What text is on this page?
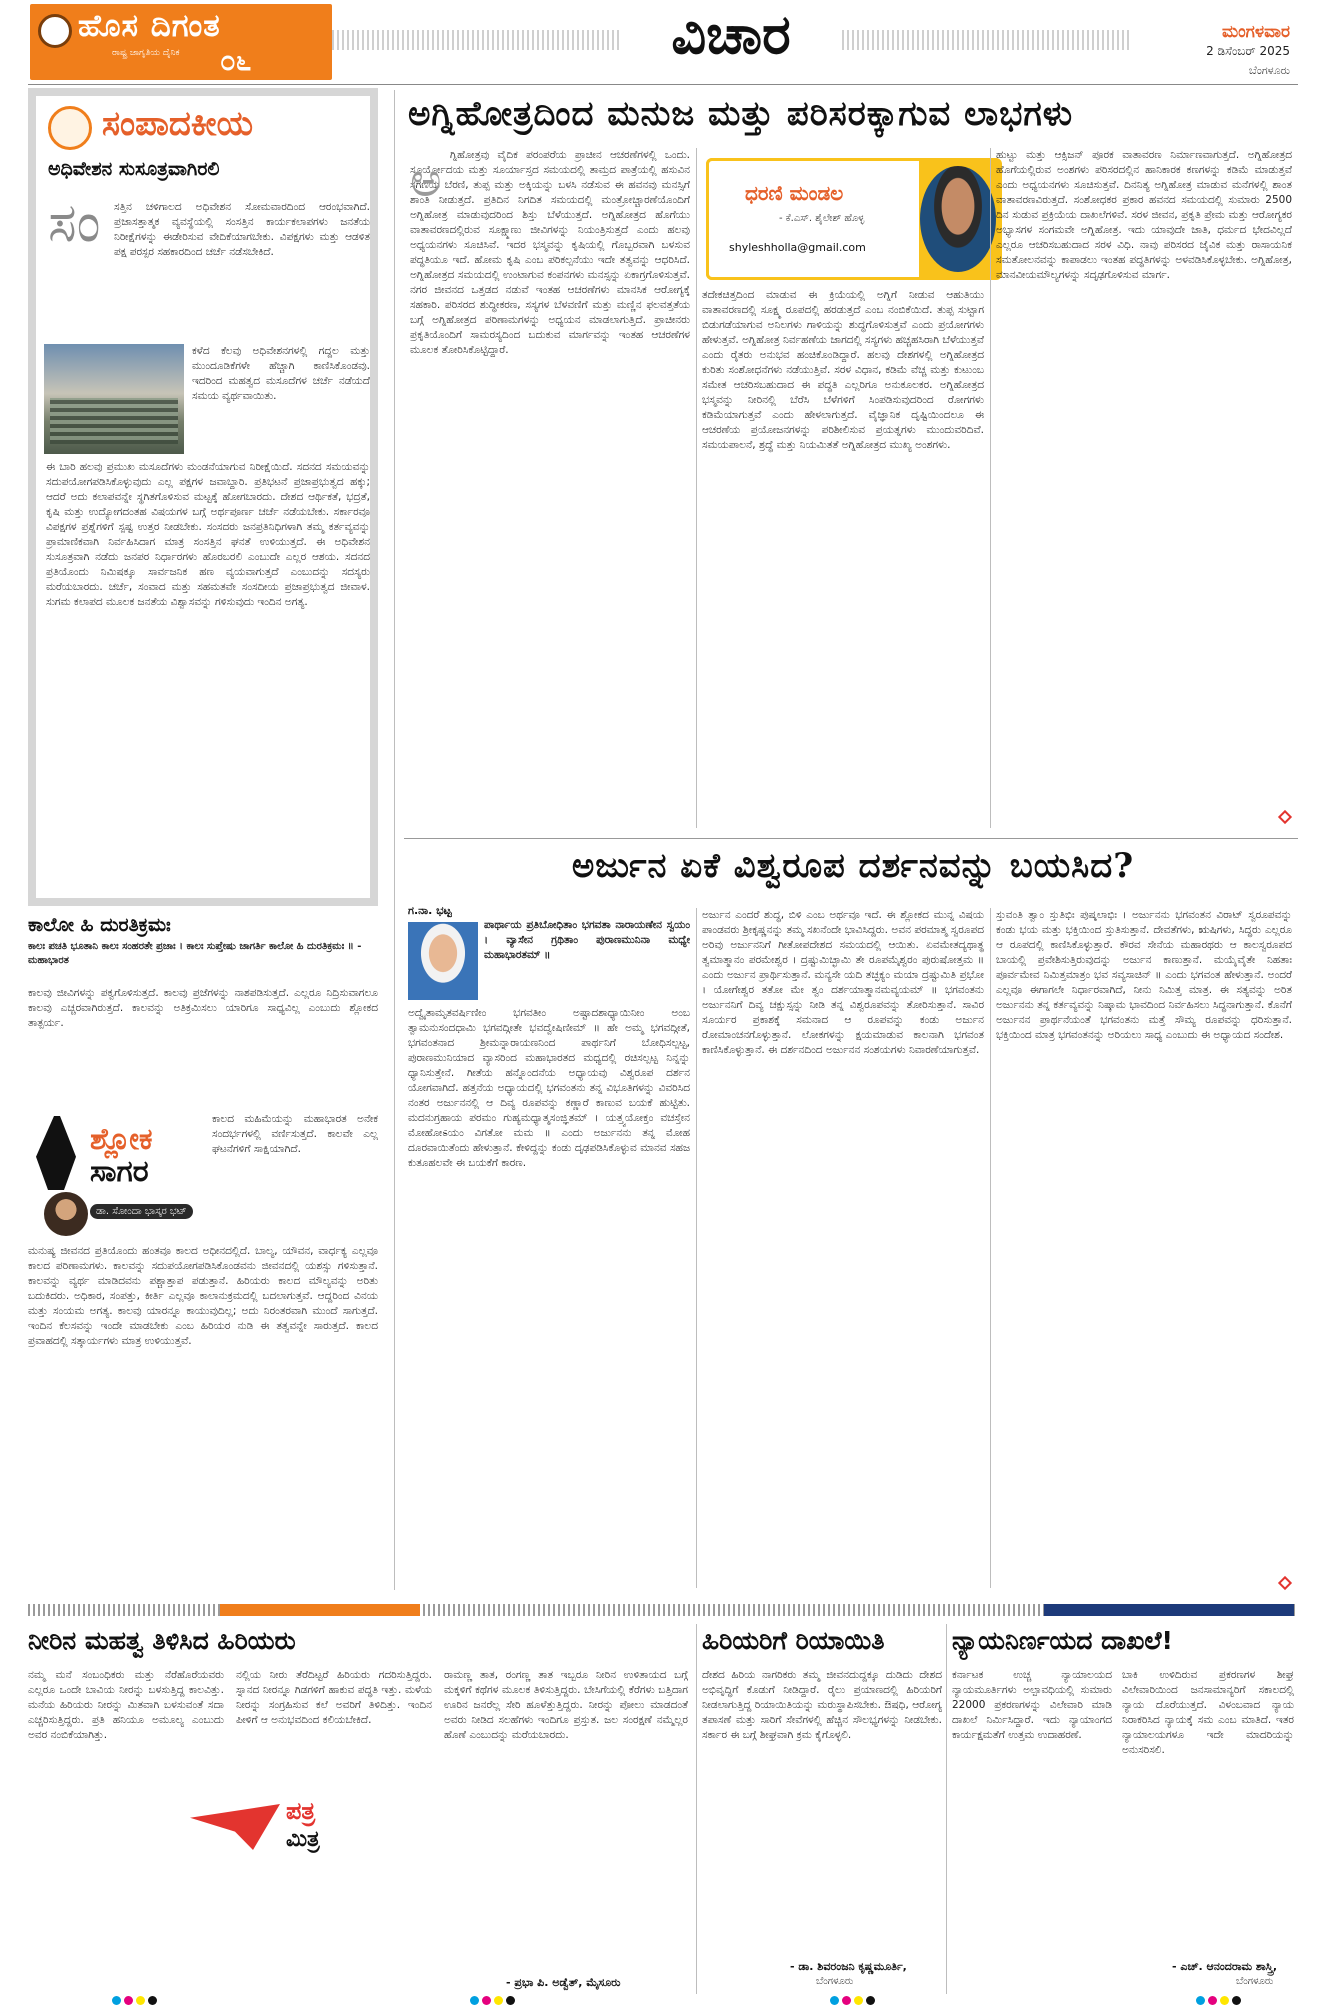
ಹೊಸ ದಿಗಂತ
ರಾಷ್ಟ್ರ ಜಾಗೃತಿಯ ದೈನಿಕ ೦೬	ವಿಚಾರ	ಮಂಗಳವಾರ
2 ಡಿಸೆಂಬರ್ 2025
ಬೆಂಗಳೂರು
ಸಂಪಾದಕೀಯ
ಅಧಿವೇಶನ ಸುಸೂತ್ರವಾಗಿರಲಿ
ಸಂ ಸತ್ತಿನ ಚಳಿಗಾಲದ ಅಧಿವೇಶನ ಸೋಮವಾರದಿಂದ ಆರಂಭವಾಗಿದೆ. ಪ್ರಜಾಸತ್ತಾತ್ಮಕ ವ್ಯವಸ್ಥೆಯಲ್ಲಿ ಸಂಸತ್ತಿನ ಕಾರ್ಯಕಲಾಪಗಳು ಜನತೆಯ ನಿರೀಕ್ಷೆಗಳನ್ನು ಈಡೇರಿಸುವ ವೇದಿಕೆಯಾಗಬೇಕು. ವಿಪಕ್ಷಗಳು ಮತ್ತು ಆಡಳಿತ ಪಕ್ಷ ಪರಸ್ಪರ ಸಹಕಾರದಿಂದ ಚರ್ಚೆ ನಡೆಸಬೇಕಿದೆ.
ಕಳೆದ ಕೆಲವು ಅಧಿವೇಶನಗಳಲ್ಲಿ ಗದ್ದಲ ಮತ್ತು ಮುಂದೂಡಿಕೆಗಳೇ ಹೆಚ್ಚಾಗಿ ಕಾಣಿಸಿಕೊಂಡವು. ಇದರಿಂದ ಮಹತ್ವದ ಮಸೂದೆಗಳ ಚರ್ಚೆ ನಡೆಯದೆ ಸಮಯ ವ್ಯರ್ಥವಾಯಿತು.
ಈ ಬಾರಿ ಹಲವು ಪ್ರಮುಖ ಮಸೂದೆಗಳು ಮಂಡನೆಯಾಗುವ ನಿರೀಕ್ಷೆಯಿದೆ. ಸದನದ ಸಮಯವನ್ನು ಸದುಪಯೋಗಪಡಿಸಿಕೊಳ್ಳುವುದು ಎಲ್ಲ ಪಕ್ಷಗಳ ಜವಾಬ್ದಾರಿ. ಪ್ರತಿಭಟನೆ ಪ್ರಜಾಪ್ರಭುತ್ವದ ಹಕ್ಕು; ಆದರೆ ಅದು ಕಲಾಪವನ್ನೇ ಸ್ಥಗಿತಗೊಳಿಸುವ ಮಟ್ಟಕ್ಕೆ ಹೋಗಬಾರದು. ದೇಶದ ಆರ್ಥಿಕತೆ, ಭದ್ರತೆ, ಕೃಷಿ ಮತ್ತು ಉದ್ಯೋಗದಂತಹ ವಿಷಯಗಳ ಬಗ್ಗೆ ಅರ್ಥಪೂರ್ಣ ಚರ್ಚೆ ನಡೆಯಬೇಕು. ಸರ್ಕಾರವೂ ವಿಪಕ್ಷಗಳ ಪ್ರಶ್ನೆಗಳಿಗೆ ಸ್ಪಷ್ಟ ಉತ್ತರ ನೀಡಬೇಕು. ಸಂಸದರು ಜನಪ್ರತಿನಿಧಿಗಳಾಗಿ ತಮ್ಮ ಕರ್ತವ್ಯವನ್ನು ಪ್ರಾಮಾಣಿಕವಾಗಿ ನಿರ್ವಹಿಸಿದಾಗ ಮಾತ್ರ ಸಂಸತ್ತಿನ ಘನತೆ ಉಳಿಯುತ್ತದೆ. ಈ ಅಧಿವೇಶನ ಸುಸೂತ್ರವಾಗಿ ನಡೆದು ಜನಪರ ನಿರ್ಧಾರಗಳು ಹೊರಬರಲಿ ಎಂಬುದೇ ಎಲ್ಲರ ಆಶಯ. ಸದನದ ಪ್ರತಿಯೊಂದು ನಿಮಿಷಕ್ಕೂ ಸಾರ್ವಜನಿಕ ಹಣ ವ್ಯಯವಾಗುತ್ತದೆ ಎಂಬುದನ್ನು ಸದಸ್ಯರು ಮರೆಯಬಾರದು. ಚರ್ಚೆ, ಸಂವಾದ ಮತ್ತು ಸಹಮತವೇ ಸಂಸದೀಯ ಪ್ರಜಾಪ್ರಭುತ್ವದ ಜೀವಾಳ. ಸುಗಮ ಕಲಾಪದ ಮೂಲಕ ಜನತೆಯ ವಿಶ್ವಾಸವನ್ನು ಗಳಿಸುವುದು ಇಂದಿನ ಅಗತ್ಯ.
ಕಾಲೋ ಹಿ ದುರತಿಕ್ರಮಃ
ಕಾಲಃ ಪಚತಿ ಭೂತಾನಿ ಕಾಲಃ ಸಂಹರತೇ ಪ್ರಜಾಃ । ಕಾಲಃ ಸುಪ್ತೇಷು ಜಾಗರ್ತಿ ಕಾಲೋ ಹಿ ದುರತಿಕ್ರಮಃ ॥ - ಮಹಾಭಾರತ
ಕಾಲವು ಜೀವಿಗಳನ್ನು ಪಕ್ವಗೊಳಿಸುತ್ತದೆ. ಕಾಲವು ಪ್ರಜೆಗಳನ್ನು ನಾಶಪಡಿಸುತ್ತದೆ. ಎಲ್ಲರೂ ನಿದ್ರಿಸುವಾಗಲೂ ಕಾಲವು ಎಚ್ಚರವಾಗಿರುತ್ತದೆ. ಕಾಲವನ್ನು ಅತಿಕ್ರಮಿಸಲು ಯಾರಿಗೂ ಸಾಧ್ಯವಿಲ್ಲ ಎಂಬುದು ಶ್ಲೋಕದ ತಾತ್ಪರ್ಯ.
ಶ್ಲೋಕ
ಸಾಗರ
ಡಾ. ಸೋಂದಾ ಭಾಸ್ಕರ ಭಟ್
ಕಾಲದ ಮಹಿಮೆಯನ್ನು ಮಹಾಭಾರತ ಅನೇಕ ಸಂದರ್ಭಗಳಲ್ಲಿ ವರ್ಣಿಸುತ್ತದೆ. ಕಾಲವೇ ಎಲ್ಲ ಘಟನೆಗಳಿಗೆ ಸಾಕ್ಷಿಯಾಗಿದೆ.
ಮನುಷ್ಯ ಜೀವನದ ಪ್ರತಿಯೊಂದು ಹಂತವೂ ಕಾಲದ ಅಧೀನದಲ್ಲಿದೆ. ಬಾಲ್ಯ, ಯೌವನ, ವಾರ್ಧಕ್ಯ ಎಲ್ಲವೂ ಕಾಲದ ಪರಿಣಾಮಗಳು. ಕಾಲವನ್ನು ಸದುಪಯೋಗಪಡಿಸಿಕೊಂಡವನು ಜೀವನದಲ್ಲಿ ಯಶಸ್ಸು ಗಳಿಸುತ್ತಾನೆ. ಕಾಲವನ್ನು ವ್ಯರ್ಥ ಮಾಡಿದವನು ಪಶ್ಚಾತ್ತಾಪ ಪಡುತ್ತಾನೆ. ಹಿರಿಯರು ಕಾಲದ ಮೌಲ್ಯವನ್ನು ಅರಿತು ಬದುಕಿದರು. ಅಧಿಕಾರ, ಸಂಪತ್ತು, ಕೀರ್ತಿ ಎಲ್ಲವೂ ಕಾಲಾನುಕ್ರಮದಲ್ಲಿ ಬದಲಾಗುತ್ತವೆ. ಆದ್ದರಿಂದ ವಿನಯ ಮತ್ತು ಸಂಯಮ ಅಗತ್ಯ. ಕಾಲವು ಯಾರನ್ನೂ ಕಾಯುವುದಿಲ್ಲ; ಅದು ನಿರಂತರವಾಗಿ ಮುಂದೆ ಸಾಗುತ್ತದೆ. ಇಂದಿನ ಕೆಲಸವನ್ನು ಇಂದೇ ಮಾಡಬೇಕು ಎಂಬ ಹಿರಿಯರ ನುಡಿ ಈ ತತ್ವವನ್ನೇ ಸಾರುತ್ತದೆ. ಕಾಲದ ಪ್ರವಾಹದಲ್ಲಿ ಸತ್ಕಾರ್ಯಗಳು ಮಾತ್ರ ಉಳಿಯುತ್ತವೆ.
ಅಗ್ನಿಹೋತ್ರದಿಂದ ಮನುಜ ಮತ್ತು ಪರಿಸರಕ್ಕಾಗುವ ಲಾಭಗಳು
ಗ್ನಿಹೋತ್ರವು ವೈದಿಕ ಪರಂಪರೆಯ ಪ್ರಾಚೀನ ಆಚರಣೆಗಳಲ್ಲಿ ಒಂದು. ಸೂರ್ಯೋದಯ ಮತ್ತು ಸೂರ್ಯಾಸ್ತದ ಸಮಯದಲ್ಲಿ ತಾಮ್ರದ ಪಾತ್ರೆಯಲ್ಲಿ ಹಸುವಿನ ಸಗಣಿಯ ಬೆರಣಿ, ತುಪ್ಪ ಮತ್ತು ಅಕ್ಕಿಯನ್ನು ಬಳಸಿ ನಡೆಸುವ ಈ ಹವನವು ಮನಸ್ಸಿಗೆ ಶಾಂತಿ ನೀಡುತ್ತದೆ. ಪ್ರತಿದಿನ ನಿಗದಿತ ಸಮಯದಲ್ಲಿ ಮಂತ್ರೋಚ್ಚಾರಣೆಯೊಂದಿಗೆ ಅಗ್ನಿಹೋತ್ರ ಮಾಡುವುದರಿಂದ ಶಿಸ್ತು ಬೆಳೆಯುತ್ತದೆ. ಅಗ್ನಿಹೋತ್ರದ ಹೊಗೆಯು ವಾತಾವರಣದಲ್ಲಿರುವ ಸೂಕ್ಷ್ಮಾಣು ಜೀವಿಗಳನ್ನು ನಿಯಂತ್ರಿಸುತ್ತದೆ ಎಂದು ಹಲವು ಅಧ್ಯಯನಗಳು ಸೂಚಿಸಿವೆ. ಇದರ ಭಸ್ಮವನ್ನು ಕೃಷಿಯಲ್ಲಿ ಗೊಬ್ಬರವಾಗಿ ಬಳಸುವ ಪದ್ಧತಿಯೂ ಇದೆ. ಹೋಮ ಕೃಷಿ ಎಂಬ ಪರಿಕಲ್ಪನೆಯು ಇದೇ ತತ್ವವನ್ನು ಆಧರಿಸಿದೆ. ಅಗ್ನಿಹೋತ್ರದ ಸಮಯದಲ್ಲಿ ಉಂಟಾಗುವ ಕಂಪನಗಳು ಮನಸ್ಸನ್ನು ಏಕಾಗ್ರಗೊಳಿಸುತ್ತವೆ. ನಗರ ಜೀವನದ ಒತ್ತಡದ ನಡುವೆ ಇಂತಹ ಆಚರಣೆಗಳು ಮಾನಸಿಕ ಆರೋಗ್ಯಕ್ಕೆ ಸಹಕಾರಿ. ಪರಿಸರದ ಶುದ್ಧೀಕರಣ, ಸಸ್ಯಗಳ ಬೆಳವಣಿಗೆ ಮತ್ತು ಮಣ್ಣಿನ ಫಲವತ್ತತೆಯ ಬಗ್ಗೆ ಅಗ್ನಿಹೋತ್ರದ ಪರಿಣಾಮಗಳನ್ನು ಅಧ್ಯಯನ ಮಾಡಲಾಗುತ್ತಿದೆ. ಪ್ರಾಚೀನರು ಪ್ರಕೃತಿಯೊಂದಿಗೆ ಸಾಮರಸ್ಯದಿಂದ ಬದುಕುವ ಮಾರ್ಗವನ್ನು ಇಂತಹ ಆಚರಣೆಗಳ ಮೂಲಕ ತೋರಿಸಿಕೊಟ್ಟಿದ್ದಾರೆ.
ಅ	ಧರಣಿ ಮಂಡಲ
- ಕೆ.ಎಸ್. ಶೈಲೇಶ್ ಹೊಳ್ಳ
shyleshholla@gmail.com
ತದೇಕಚಿತ್ತದಿಂದ ಮಾಡುವ ಈ ಕ್ರಿಯೆಯಲ್ಲಿ ಅಗ್ನಿಗೆ ನೀಡುವ ಆಹುತಿಯು ವಾತಾವರಣದಲ್ಲಿ ಸೂಕ್ಷ್ಮ ರೂಪದಲ್ಲಿ ಹರಡುತ್ತದೆ ಎಂಬ ನಂಬಿಕೆಯಿದೆ. ತುಪ್ಪ ಸುಟ್ಟಾಗ ಬಿಡುಗಡೆಯಾಗುವ ಅನಿಲಗಳು ಗಾಳಿಯನ್ನು ಶುದ್ಧಗೊಳಿಸುತ್ತವೆ ಎಂದು ಪ್ರಯೋಗಗಳು ಹೇಳುತ್ತವೆ. ಅಗ್ನಿಹೋತ್ರ ನಿರ್ವಹಣೆಯ ಜಾಗದಲ್ಲಿ ಸಸ್ಯಗಳು ಹಚ್ಚಹಸಿರಾಗಿ ಬೆಳೆಯುತ್ತವೆ ಎಂದು ರೈತರು ಅನುಭವ ಹಂಚಿಕೊಂಡಿದ್ದಾರೆ. ಹಲವು ದೇಶಗಳಲ್ಲಿ ಅಗ್ನಿಹೋತ್ರದ ಕುರಿತು ಸಂಶೋಧನೆಗಳು ನಡೆಯುತ್ತಿವೆ. ಸರಳ ವಿಧಾನ, ಕಡಿಮೆ ವೆಚ್ಚ ಮತ್ತು ಕುಟುಂಬ ಸಮೇತ ಆಚರಿಸಬಹುದಾದ ಈ ಪದ್ಧತಿ ಎಲ್ಲರಿಗೂ ಅನುಕೂಲಕರ. ಅಗ್ನಿಹೋತ್ರದ ಭಸ್ಮವನ್ನು ನೀರಿನಲ್ಲಿ ಬೆರೆಸಿ ಬೆಳೆಗಳಿಗೆ ಸಿಂಪಡಿಸುವುದರಿಂದ ರೋಗಗಳು ಕಡಿಮೆಯಾಗುತ್ತವೆ ಎಂದು ಹೇಳಲಾಗುತ್ತದೆ. ವೈಜ್ಞಾನಿಕ ದೃಷ್ಟಿಯಿಂದಲೂ ಈ ಆಚರಣೆಯ ಪ್ರಯೋಜನಗಳನ್ನು ಪರಿಶೀಲಿಸುವ ಪ್ರಯತ್ನಗಳು ಮುಂದುವರಿದಿವೆ. ಸಮಯಪಾಲನೆ, ಶ್ರದ್ಧೆ ಮತ್ತು ನಿಯಮಿತತೆ ಅಗ್ನಿಹೋತ್ರದ ಮುಖ್ಯ ಅಂಶಗಳು.
ಹುಟ್ಟು ಮತ್ತು ಆಕ್ಸಿಜನ್ ಪೂರಕ ವಾತಾವರಣ ನಿರ್ಮಾಣವಾಗುತ್ತದೆ. ಅಗ್ನಿಹೋತ್ರದ ಹೊಗೆಯಲ್ಲಿರುವ ಅಂಶಗಳು ಪರಿಸರದಲ್ಲಿನ ಹಾನಿಕಾರಕ ಕಣಗಳನ್ನು ಕಡಿಮೆ ಮಾಡುತ್ತವೆ ಎಂದು ಅಧ್ಯಯನಗಳು ಸೂಚಿಸುತ್ತವೆ. ದಿನನಿತ್ಯ ಅಗ್ನಿಹೋತ್ರ ಮಾಡುವ ಮನೆಗಳಲ್ಲಿ ಶಾಂತ ವಾತಾವರಣವಿರುತ್ತದೆ. ಸಂಶೋಧಕರ ಪ್ರಕಾರ ಹವನದ ಸಮಯದಲ್ಲಿ ಸುಮಾರು 2500 ದಿನ ಸುಡುವ ಪ್ರಕ್ರಿಯೆಯ ದಾಖಲೆಗಳಿವೆ. ಸರಳ ಜೀವನ, ಪ್ರಕೃತಿ ಪ್ರೇಮ ಮತ್ತು ಆರೋಗ್ಯಕರ ಅಭ್ಯಾಸಗಳ ಸಂಗಮವೇ ಅಗ್ನಿಹೋತ್ರ. ಇದು ಯಾವುದೇ ಜಾತಿ, ಧರ್ಮದ ಭೇದವಿಲ್ಲದೆ ಎಲ್ಲರೂ ಆಚರಿಸಬಹುದಾದ ಸರಳ ವಿಧಿ. ನಾವು ಪರಿಸರದ ಜೈವಿಕ ಮತ್ತು ರಾಸಾಯನಿಕ ಸಮತೋಲನವನ್ನು ಕಾಪಾಡಲು ಇಂತಹ ಪದ್ಧತಿಗಳನ್ನು ಅಳವಡಿಸಿಕೊಳ್ಳಬೇಕು. ಅಗ್ನಿಹೋತ್ರ, ಮಾನವೀಯಮೌಲ್ಯಗಳನ್ನು ಸದೃಢಗೊಳಿಸುವ ಮಾರ್ಗ.
ಅರ್ಜುನ ಏಕೆ ವಿಶ್ವರೂಪ ದರ್ಶನವನ್ನು ಬಯಸಿದ?
ಗ.ನಾ. ಭಟ್ಟ
ಪಾರ್ಥಾಯ ಪ್ರತಿಬೋಧಿತಾಂ ಭಗವತಾ ನಾರಾಯಣೇನ ಸ್ವಯಂ । ವ್ಯಾಸೇನ ಗ್ರಥಿತಾಂ ಪುರಾಣಮುನಿನಾ ಮಧ್ಯೇ ಮಹಾಭಾರತಮ್ ॥
ಅದ್ವೈತಾಮೃತವರ್ಷಿಣೀಂ ಭಗವತೀಂ ಅಷ್ಟಾದಶಾಧ್ಯಾಯಿನೀಂ ಅಂಬ ತ್ವಾಮನುಸಂದಧಾಮಿ ಭಗವದ್ಗೀತೇ ಭವದ್ವೇಷಿಣೀಮ್ ॥ ಹೇ ಅಮ್ಮ ಭಗವದ್ಗೀತೆ, ಭಗವಂತನಾದ ಶ್ರೀಮನ್ನಾರಾಯಣನಿಂದ ಪಾರ್ಥನಿಗೆ ಬೋಧಿಸಲ್ಪಟ್ಟ, ಪುರಾಣಮುನಿಯಾದ ವ್ಯಾಸರಿಂದ ಮಹಾಭಾರತದ ಮಧ್ಯದಲ್ಲಿ ರಚಿಸಲ್ಪಟ್ಟ ನಿನ್ನನ್ನು ಧ್ಯಾನಿಸುತ್ತೇನೆ. ಗೀತೆಯ ಹನ್ನೊಂದನೆಯ ಅಧ್ಯಾಯವು ವಿಶ್ವರೂಪ ದರ್ಶನ ಯೋಗವಾಗಿದೆ. ಹತ್ತನೆಯ ಅಧ್ಯಾಯದಲ್ಲಿ ಭಗವಂತನು ತನ್ನ ವಿಭೂತಿಗಳನ್ನು ವಿವರಿಸಿದ ನಂತರ ಅರ್ಜುನನಲ್ಲಿ ಆ ದಿವ್ಯ ರೂಪವನ್ನು ಕಣ್ಣಾರೆ ಕಾಣುವ ಬಯಕೆ ಹುಟ್ಟಿತು. ಮದನುಗ್ರಹಾಯ ಪರಮಂ ಗುಹ್ಯಮಧ್ಯಾತ್ಮಸಂಜ್ಞಿತಮ್ । ಯತ್ತ್ವಯೋಕ್ತಂ ವಚಸ್ತೇನ ಮೋಹೋಽಯಂ ವಿಗತೋ ಮಮ ॥ ಎಂದು ಅರ್ಜುನನು ತನ್ನ ಮೋಹ ದೂರವಾಯಿತೆಂದು ಹೇಳುತ್ತಾನೆ. ಕೇಳಿದ್ದನ್ನು ಕಂಡು ದೃಢಪಡಿಸಿಕೊಳ್ಳುವ ಮಾನವ ಸಹಜ ಕುತೂಹಲವೇ ಈ ಬಯಕೆಗೆ ಕಾರಣ.
ಅರ್ಜುನ ಎಂದರೆ ಶುದ್ಧ, ಬಿಳಿ ಎಂಬ ಅರ್ಥವೂ ಇದೆ. ಈ ಶ್ಲೋಕದ ಮುನ್ನ ವಿಷಯ ಪಾಂಡವರು ಶ್ರೀಕೃಷ್ಣನನ್ನು ತಮ್ಮ ಸಖನೆಂದೇ ಭಾವಿಸಿದ್ದರು. ಅವನ ಪರಮಾತ್ಮ ಸ್ವರೂಪದ ಅರಿವು ಅರ್ಜುನನಿಗೆ ಗೀತೋಪದೇಶದ ಸಮಯದಲ್ಲಿ ಆಯಿತು. ಏವಮೇತದ್ಯಥಾತ್ಥ ತ್ವಮಾತ್ಮಾನಂ ಪರಮೇಶ್ವರ । ದ್ರಷ್ಟುಮಿಚ್ಛಾಮಿ ತೇ ರೂಪಮೈಶ್ವರಂ ಪುರುಷೋತ್ತಮ ॥ ಎಂದು ಅರ್ಜುನ ಪ್ರಾರ್ಥಿಸುತ್ತಾನೆ. ಮನ್ಯಸೇ ಯದಿ ತಚ್ಛಕ್ಯಂ ಮಯಾ ದ್ರಷ್ಟುಮಿತಿ ಪ್ರಭೋ । ಯೋಗೇಶ್ವರ ತತೋ ಮೇ ತ್ವಂ ದರ್ಶಯಾತ್ಮಾನಮವ್ಯಯಮ್ ॥ ಭಗವಂತನು ಅರ್ಜುನನಿಗೆ ದಿವ್ಯ ಚಕ್ಷುಸ್ಸನ್ನು ನೀಡಿ ತನ್ನ ವಿಶ್ವರೂಪವನ್ನು ತೋರಿಸುತ್ತಾನೆ. ಸಾವಿರ ಸೂರ್ಯರ ಪ್ರಕಾಶಕ್ಕೆ ಸಮನಾದ ಆ ರೂಪವನ್ನು ಕಂಡು ಅರ್ಜುನ ರೋಮಾಂಚನಗೊಳ್ಳುತ್ತಾನೆ. ಲೋಕಗಳನ್ನು ಕ್ಷಯಮಾಡುವ ಕಾಲನಾಗಿ ಭಗವಂತ ಕಾಣಿಸಿಕೊಳ್ಳುತ್ತಾನೆ. ಈ ದರ್ಶನದಿಂದ ಅರ್ಜುನನ ಸಂಶಯಗಳು ನಿವಾರಣೆಯಾಗುತ್ತವೆ.
ಸ್ತುವಂತಿ ತ್ವಾಂ ಸ್ತುತಿಭಿಃ ಪುಷ್ಕಲಾಭಿಃ । ಅರ್ಜುನನು ಭಗವಂತನ ವಿರಾಟ್ ಸ್ವರೂಪವನ್ನು ಕಂಡು ಭಯ ಮತ್ತು ಭಕ್ತಿಯಿಂದ ಸ್ತುತಿಸುತ್ತಾನೆ. ದೇವತೆಗಳು, ಋಷಿಗಳು, ಸಿದ್ಧರು ಎಲ್ಲರೂ ಆ ರೂಪದಲ್ಲಿ ಕಾಣಿಸಿಕೊಳ್ಳುತ್ತಾರೆ. ಕೌರವ ಸೇನೆಯ ಮಹಾರಥರು ಆ ಕಾಲಸ್ವರೂಪದ ಬಾಯಲ್ಲಿ ಪ್ರವೇಶಿಸುತ್ತಿರುವುದನ್ನು ಅರ್ಜುನ ಕಾಣುತ್ತಾನೆ. ಮಯೈವೈತೇ ನಿಹತಾಃ ಪೂರ್ವಮೇವ ನಿಮಿತ್ತಮಾತ್ರಂ ಭವ ಸವ್ಯಸಾಚಿನ್ ॥ ಎಂದು ಭಗವಂತ ಹೇಳುತ್ತಾನೆ. ಅಂದರೆ ಎಲ್ಲವೂ ಈಗಾಗಲೇ ನಿರ್ಧಾರವಾಗಿದೆ, ನೀನು ನಿಮಿತ್ತ ಮಾತ್ರ. ಈ ಸತ್ಯವನ್ನು ಅರಿತ ಅರ್ಜುನನು ತನ್ನ ಕರ್ತವ್ಯವನ್ನು ನಿಷ್ಕಾಮ ಭಾವದಿಂದ ನಿರ್ವಹಿಸಲು ಸಿದ್ಧನಾಗುತ್ತಾನೆ. ಕೊನೆಗೆ ಅರ್ಜುನನ ಪ್ರಾರ್ಥನೆಯಂತೆ ಭಗವಂತನು ಮತ್ತೆ ಸೌಮ್ಯ ರೂಪವನ್ನು ಧರಿಸುತ್ತಾನೆ. ಭಕ್ತಿಯಿಂದ ಮಾತ್ರ ಭಗವಂತನನ್ನು ಅರಿಯಲು ಸಾಧ್ಯ ಎಂಬುದು ಈ ಅಧ್ಯಾಯದ ಸಂದೇಶ.
ನೀರಿನ ಮಹತ್ವ ತಿಳಿಸಿದ ಹಿರಿಯರು
ನಮ್ಮ ಮನೆ ಸಂಬಂಧಿಕರು ಮತ್ತು ನೆರೆಹೊರೆಯವರು ಎಲ್ಲರೂ ಒಂದೇ ಬಾವಿಯ ನೀರನ್ನು ಬಳಸುತ್ತಿದ್ದ ಕಾಲವಿತ್ತು. ಮನೆಯ ಹಿರಿಯರು ನೀರನ್ನು ಮಿತವಾಗಿ ಬಳಸುವಂತೆ ಸದಾ ಎಚ್ಚರಿಸುತ್ತಿದ್ದರು. ಪ್ರತಿ ಹನಿಯೂ ಅಮೂಲ್ಯ ಎಂಬುದು ಅವರ ನಂಬಿಕೆಯಾಗಿತ್ತು.
ನಲ್ಲಿಯ ನೀರು ತೆರೆದಿಟ್ಟರೆ ಹಿರಿಯರು ಗದರಿಸುತ್ತಿದ್ದರು. ಸ್ನಾನದ ನೀರನ್ನೂ ಗಿಡಗಳಿಗೆ ಹಾಕುವ ಪದ್ಧತಿ ಇತ್ತು. ಮಳೆಯ ನೀರನ್ನು ಸಂಗ್ರಹಿಸುವ ಕಲೆ ಅವರಿಗೆ ತಿಳಿದಿತ್ತು. ಇಂದಿನ ಪೀಳಿಗೆ ಆ ಅನುಭವದಿಂದ ಕಲಿಯಬೇಕಿದೆ.
ಪತ್ರ
ಮಿತ್ರ
ರಾಮಣ್ಣ ತಾತ, ರಂಗಣ್ಣ ತಾತ ಇಬ್ಬರೂ ನೀರಿನ ಉಳಿತಾಯದ ಬಗ್ಗೆ ಮಕ್ಕಳಿಗೆ ಕಥೆಗಳ ಮೂಲಕ ತಿಳಿಸುತ್ತಿದ್ದರು. ಬೇಸಿಗೆಯಲ್ಲಿ ಕೆರೆಗಳು ಬತ್ತಿದಾಗ ಊರಿನ ಜನರೆಲ್ಲ ಸೇರಿ ಹೂಳೆತ್ತುತ್ತಿದ್ದರು. ನೀರನ್ನು ಪೋಲು ಮಾಡದಂತೆ ಅವರು ನೀಡಿದ ಸಲಹೆಗಳು ಇಂದಿಗೂ ಪ್ರಸ್ತುತ. ಜಲ ಸಂರಕ್ಷಣೆ ನಮ್ಮೆಲ್ಲರ ಹೊಣೆ ಎಂಬುದನ್ನು ಮರೆಯಬಾರದು.
- ಪ್ರಭಾ ಪಿ. ಅಡ್ವೆತ್, ಮೈಸೂರು
ಹಿರಿಯರಿಗೆ ರಿಯಾಯಿತಿ
ದೇಶದ ಹಿರಿಯ ನಾಗರಿಕರು ತಮ್ಮ ಜೀವನದುದ್ದಕ್ಕೂ ದುಡಿದು ದೇಶದ ಅಭಿವೃದ್ಧಿಗೆ ಕೊಡುಗೆ ನೀಡಿದ್ದಾರೆ. ರೈಲು ಪ್ರಯಾಣದಲ್ಲಿ ಹಿರಿಯರಿಗೆ ನೀಡಲಾಗುತ್ತಿದ್ದ ರಿಯಾಯಿತಿಯನ್ನು ಮರುಸ್ಥಾಪಿಸಬೇಕು. ಔಷಧಿ, ಆರೋಗ್ಯ ತಪಾಸಣೆ ಮತ್ತು ಸಾರಿಗೆ ಸೇವೆಗಳಲ್ಲಿ ಹೆಚ್ಚಿನ ಸೌಲಭ್ಯಗಳನ್ನು ನೀಡಬೇಕು. ಸರ್ಕಾರ ಈ ಬಗ್ಗೆ ಶೀಘ್ರವಾಗಿ ಕ್ರಮ ಕೈಗೊಳ್ಳಲಿ.
- ಡಾ. ಶಿವರಂಜನಿ ಕೃಷ್ಣಮೂರ್ತಿ,
ಬೆಂಗಳೂರು
ನ್ಯಾಯನಿರ್ಣಯದ ದಾಖಲೆ!
ಕರ್ನಾಟಕ ಉಚ್ಚ ನ್ಯಾಯಾಲಯದ ನ್ಯಾಯಮೂರ್ತಿಗಳು ಅಲ್ಪಾವಧಿಯಲ್ಲಿ ಸುಮಾರು 22000 ಪ್ರಕರಣಗಳನ್ನು ವಿಲೇವಾರಿ ಮಾಡಿ ದಾಖಲೆ ನಿರ್ಮಿಸಿದ್ದಾರೆ. ಇದು ನ್ಯಾಯಾಂಗದ ಕಾರ್ಯಕ್ಷಮತೆಗೆ ಉತ್ತಮ ಉದಾಹರಣೆ.
ಬಾಕಿ ಉಳಿದಿರುವ ಪ್ರಕರಣಗಳ ಶೀಘ್ರ ವಿಲೇವಾರಿಯಿಂದ ಜನಸಾಮಾನ್ಯರಿಗೆ ಸಕಾಲದಲ್ಲಿ ನ್ಯಾಯ ದೊರೆಯುತ್ತದೆ. ವಿಳಂಬವಾದ ನ್ಯಾಯ ನಿರಾಕರಿಸಿದ ನ್ಯಾಯಕ್ಕೆ ಸಮ ಎಂಬ ಮಾತಿದೆ. ಇತರ ನ್ಯಾಯಾಲಯಗಳೂ ಇದೇ ಮಾದರಿಯನ್ನು ಅನುಸರಿಸಲಿ.
- ಎಚ್. ಆನಂದರಾಮ ಶಾಸ್ತ್ರಿ,
ಬೆಂಗಳೂರು
